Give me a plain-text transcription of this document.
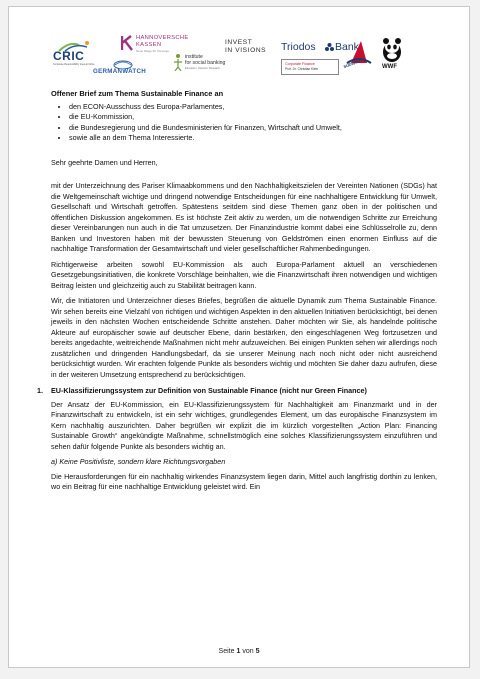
CRIC
Corporate Responsibility Interest Circle
HANNOVERSCHE
KASSEN
Neue Wege für Vorsorge
GERMANWATCH
institute
for social banking
Education. Network. Research.
INVEST
IN VISIONS Triodos Bank
Corporate Finance
Prof. Dr. Christian Klein	SÜDWIND	WWF
Offener Brief zum Thema Sustainable Finance an
• den ECON-Ausschuss des Europa-Parlamentes,
• die EU-Kommission,
• die Bundesregierung und die Bundesministerien für Finanzen, Wirtschaft und Umwelt,
• sowie alle an dem Thema Interessierte.
Sehr geehrte Damen und Herren,

mit der Unterzeichnung des Pariser Klimaabkommens und den Nachhaltigkeitszielen der Vereinten Nationen (SDGs) hat die Weltgemeinschaft wichtige und dringend notwendige Entscheidungen für eine nachhaltigere Entwicklung für Umwelt, Gesellschaft und Wirtschaft getroffen. Spätestens seitdem sind diese Themen ganz oben in der politischen und öffentlichen Diskussion angekommen. Es ist höchste Zeit aktiv zu werden, um die notwendigen Schritte zur Erreichung dieser Vereinbarungen nun auch in die Tat umzusetzen. Der Finanzindustrie kommt dabei eine Schlüsselrolle zu, denn Banken und Investoren haben mit der bewussten Steuerung von Geldströmen einen enormen Einfluss auf die nachhaltige Transformation der Gesamtwirtschaft und vieler gesellschaftlicher Rahmenbedingungen.

Richtigerweise arbeiten sowohl EU-Kommission als auch Europa-Parlament aktuell an verschiedenen Gesetzgebungsinitiativen, die konkrete Vorschläge beinhalten, wie die Finanzwirtschaft ihren notwendigen und wichtigen Beitrag leisten und gleichzeitig auch zu Stabilität beitragen kann.

Wir, die Initiatoren und Unterzeichner dieses Briefes, begrüßen die aktuelle Dynamik zum Thema Sustainable Finance. Wir sehen bereits eine Vielzahl von richtigen und wichtigen Aspekten in den aktuellen Initiativen berücksichtigt, bei denen jeweils in den nächsten Wochen entscheidende Schritte anstehen. Daher möchten wir Sie, als handelnde politische Akteure auf europäischer sowie auf deutscher Ebene, darin bestärken, den eingeschlagenen Weg fortzusetzen und bereits angedachte, weitreichende Maßnahmen nicht mehr aufzuweichen. Bei einigen Punkten sehen wir allerdings noch zusätzlichen und dringenden Handlungsbedarf, da sie unserer Meinung nach noch nicht oder nicht ausreichend berücksichtigt wurden. Wir erachten folgende Punkte als besonders wichtig und möchten Sie daher dazu aufrufen, diese in der weiteren Umsetzung entsprechend zu berücksichtigen.

1.	EU-Klassifizierungssystem zur Definition von Sustainable Finance (nicht nur Green Finance)

Der Ansatz der EU-Kommission, ein EU-Klassifizierungssystem für Nachhaltigkeit am Finanzmarkt und in der Finanzwirtschaft zu entwickeln, ist ein sehr wichtiges, grundlegendes Element, um das europäische Finanzsystem im Kern nachhaltig auszurichten. Daher begrüßen wir explizit die im kürzlich vorgestellten „Action Plan: Financing Sustainable Growth“ angekündigte Maßnahme, schnellstmöglich eine solches Klassifizierungssystem einzuführen und sehen dafür folgende Punkte als besonders wichtig an.

a) Keine Positivliste, sondern klare Richtungsvorgaben

Die Herausforderungen für ein nachhaltig wirkendes Finanzsystem liegen darin, Mittel auch langfristig dorthin zu lenken, wo ein Beitrag für eine nachhaltige Entwicklung geleistet wird. Ein

Seite 1 von 5
